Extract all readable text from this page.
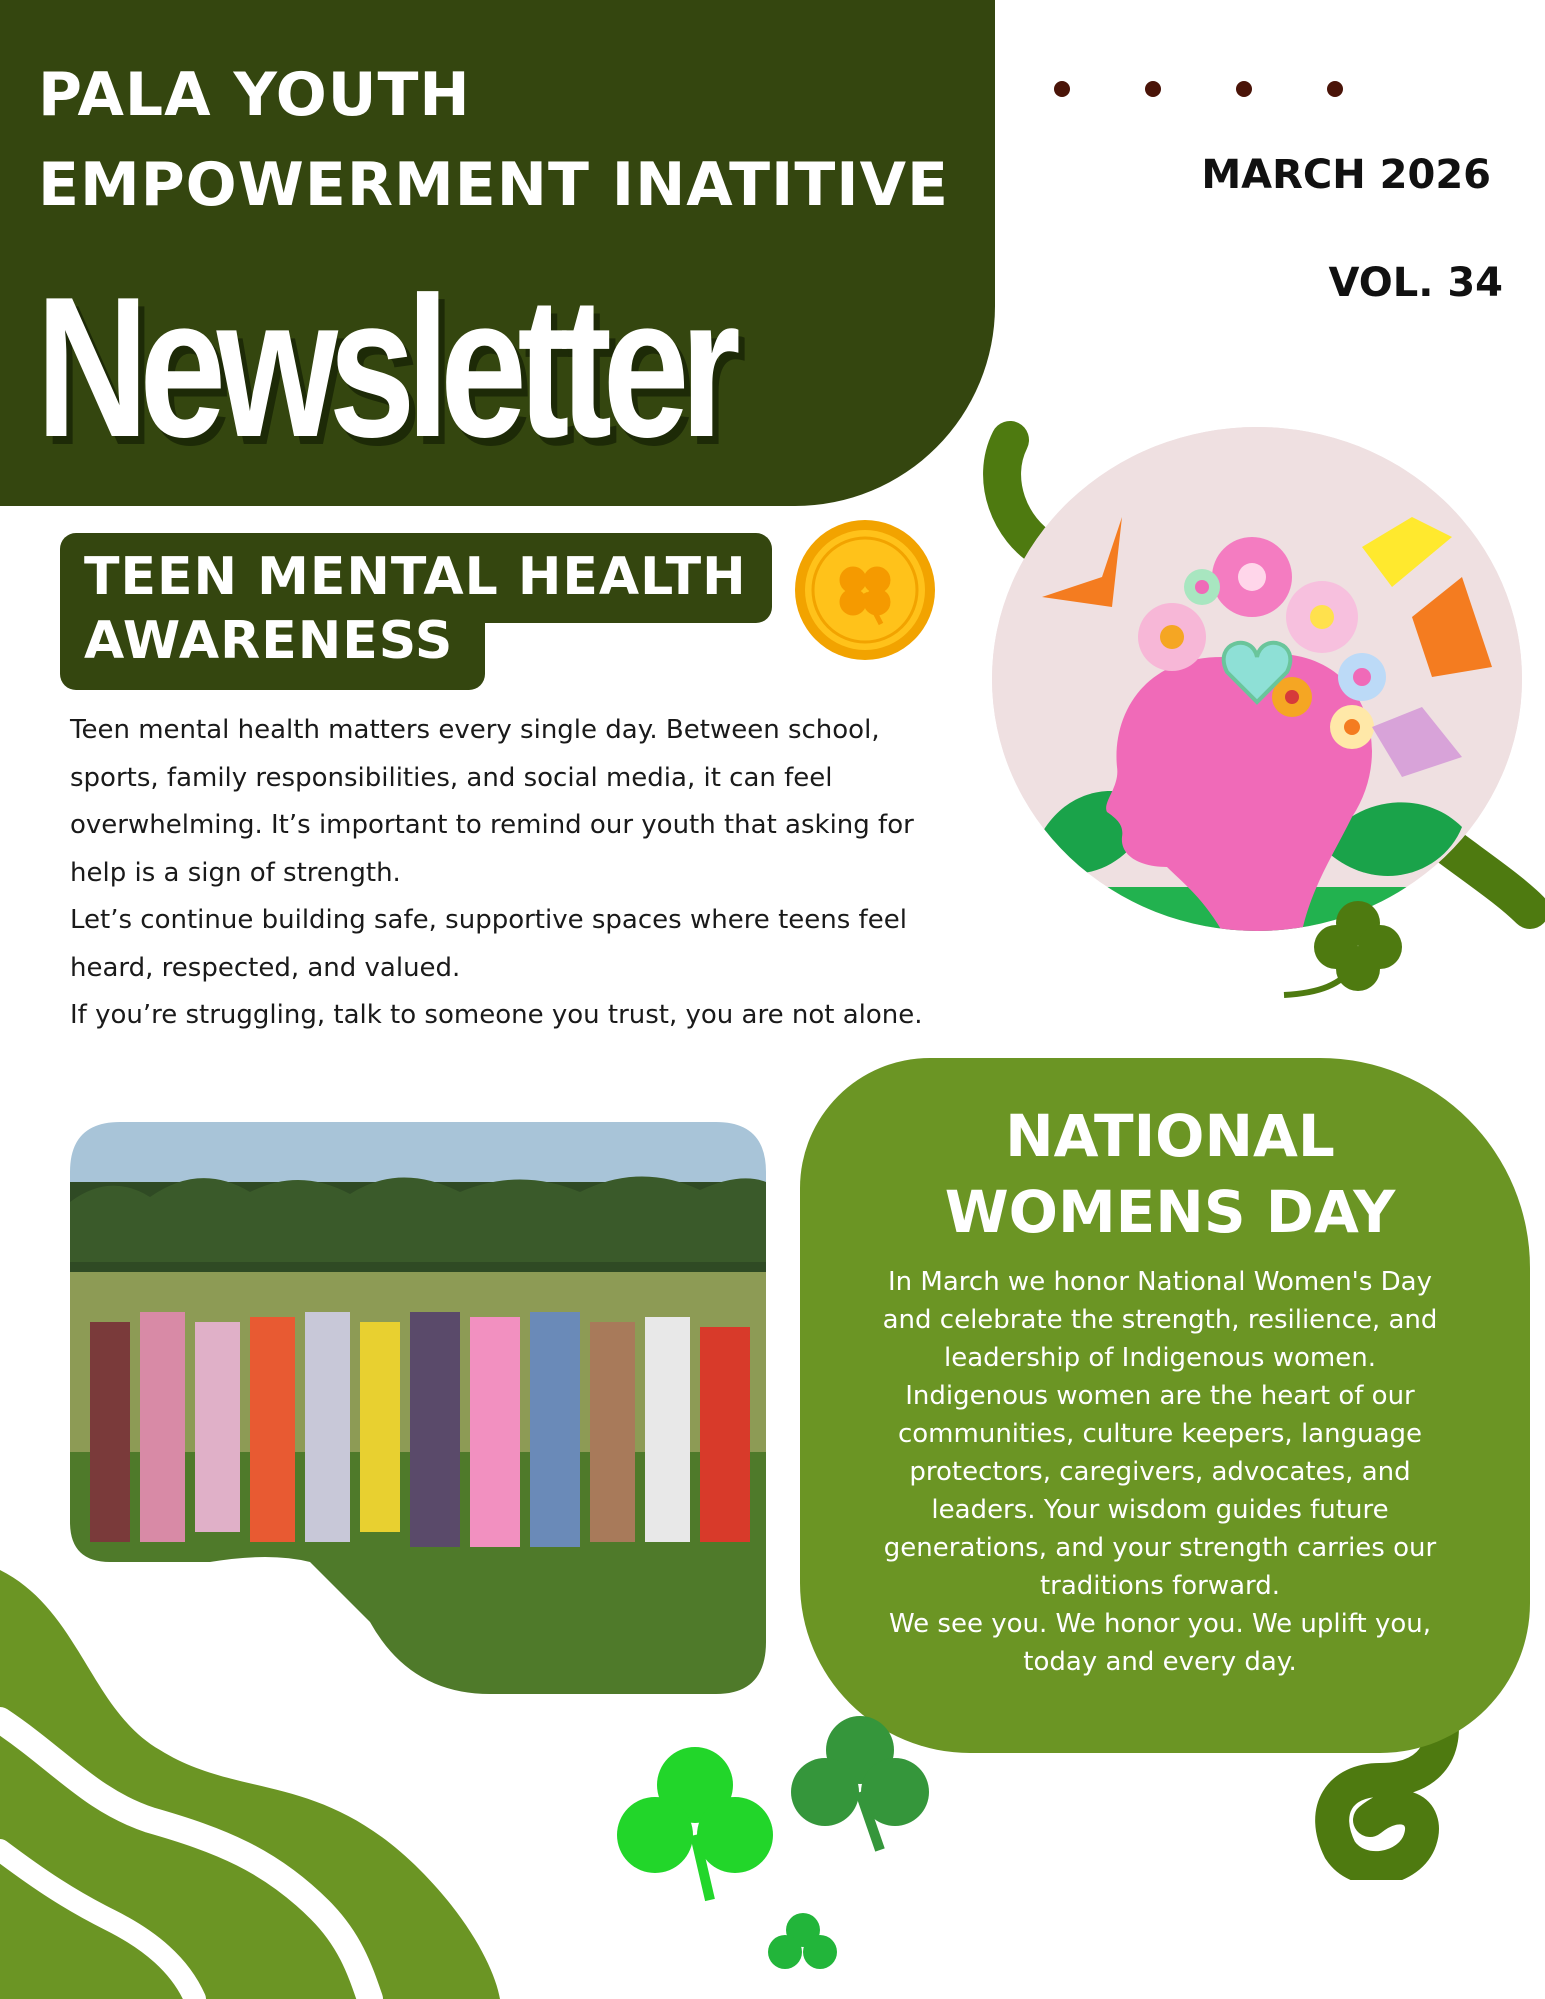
PALA YOUTH
EMPOWERMENT INATITIVE
Newsletter

MARCH 2026

VOL. 34

TEEN MENTAL HEALTH
AWARENESS

Teen mental health matters every single day. Between school,

sports, family responsibilities, and social media, it can feel

overwhelming. It’s important to remind our youth that asking for

help is a sign of strength.

Let’s continue building safe, supportive spaces where teens feel

heard, respected, and valued.

If you’re struggling, talk to someone you trust, you are not alone.

NATIONAL
WOMENS DAY

In March we honor National Women's Day

and celebrate the strength, resilience, and

leadership of Indigenous women.

Indigenous women are the heart of our

communities, culture keepers, language

protectors, caregivers, advocates, and

leaders. Your wisdom guides future

generations, and your strength carries our

traditions forward.

We see you. We honor you. We uplift you,

today and every day.
